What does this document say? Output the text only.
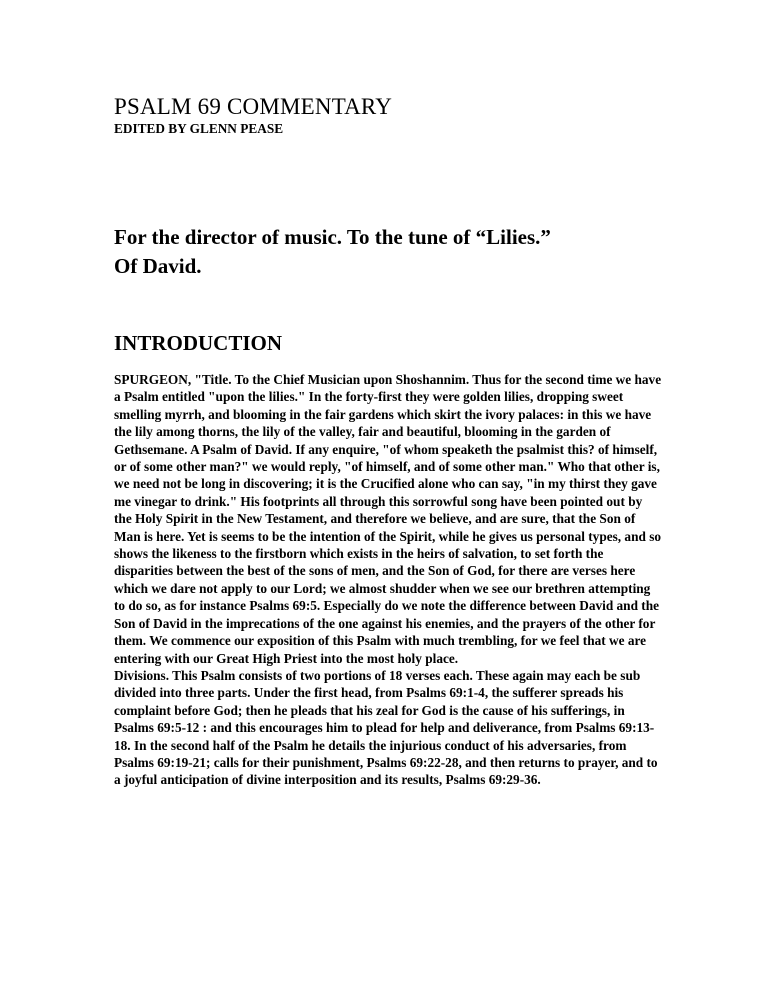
PSALM 69 COMMENTARY

EDITED BY GLENN PEASE

For the director of music. To the tune of “Lilies.”
Of David.
INTRODUCTION

SPURGEON, "Title. To the Chief Musician upon Shoshannim. Thus for the second time we have a Psalm entitled "upon the lilies." In the forty-first they were golden lilies, dropping sweet smelling myrrh, and blooming in the fair gardens which skirt the ivory palaces: in this we have the lily among thorns, the lily of the valley, fair and beautiful, blooming in the garden of Gethsemane. A Psalm of David. If any enquire, "of whom speaketh the psalmist this? of himself, or of some other man?" we would reply, "of himself, and of some other man." Who that other is, we need not be long in discovering; it is the Crucified alone who can say, "in my thirst they gave me vinegar to drink." His footprints all through this sorrowful song have been pointed out by the Holy Spirit in the New Testament, and therefore we believe, and are sure, that the Son of Man is here. Yet is seems to be the intention of the Spirit, while he gives us personal types, and so shows the likeness to the firstborn which exists in the heirs of salvation, to set forth the disparities between the best of the sons of men, and the Son of God, for there are verses here which we dare not apply to our Lord; we almost shudder when we see our brethren attempting to do so, as for instance Psalms 69:5. Especially do we note the difference between David and the Son of David in the imprecations of the one against his enemies, and the prayers of the other for them. We commence our exposition of this Psalm with much trembling, for we feel that we are entering with our Great High Priest into the most holy place.

Divisions. This Psalm consists of two portions of 18 verses each. These again may each be sub divided into three parts. Under the first head, from Psalms 69:1-4, the sufferer spreads his complaint before God; then he pleads that his zeal for God is the cause of his sufferings, in Psalms 69:5-12 : and this encourages him to plead for help and deliverance, from Psalms 69:13-18. In the second half of the Psalm he details the injurious conduct of his adversaries, from Psalms 69:19-21; calls for their punishment, Psalms 69:22-28, and then returns to prayer, and to a joyful anticipation of divine interposition and its results, Psalms 69:29-36.
